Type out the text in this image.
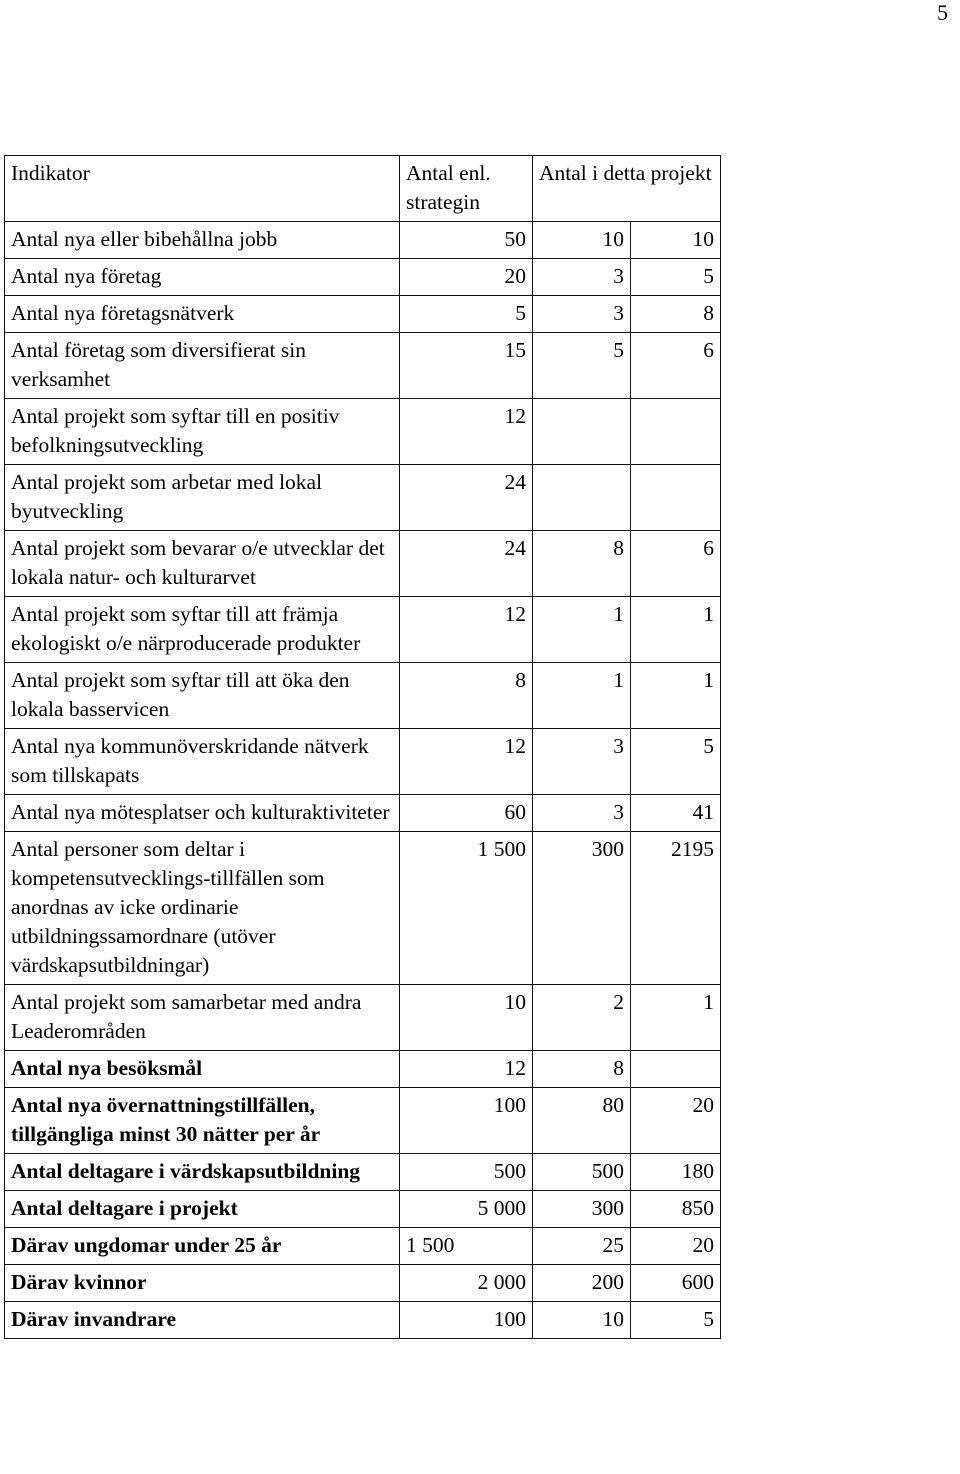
5
Indikator	Antal enl. strategin	Antal i detta projekt	
Antal nya eller bibehållna jobb	50	10	10
Antal nya företag	20	3	5
Antal nya företagsnätverk	5	3	8
Antal företag som diversifierat sin verksamhet	15	5	6
Antal projekt som syftar till en positiv befolkningsutveckling	12		
Antal projekt som arbetar med lokal byutveckling	24		
Antal projekt som bevarar o/e utvecklar det lokala natur- och kulturarvet	24	8	6
Antal projekt som syftar till att främja ekologiskt o/e närproducerade produkter	12	1	1
Antal projekt som syftar till att öka den lokala basservicen	8	1	1
Antal nya kommunöverskridande nätverk som tillskapats	12	3	5
Antal nya mötesplatser och kulturaktiviteter	60	3	41
Antal personer som deltar i kompetensutvecklings-tillfällen som anordnas av icke ordinarie utbildningssamordnare (utöver värdskapsutbildningar)	1 500	300	2195
Antal projekt som samarbetar med andra Leaderområden	10	2	1
Antal nya besöksmål	12	8	
Antal nya övernattningstillfällen, tillgängliga minst 30 nätter per år	100	80	20
Antal deltagare i värdskapsutbildning	500	500	180
Antal deltagare i projekt	5 000	300	850
Därav ungdomar under 25 år	1 500	25	20
Därav kvinnor	2 000	200	600
Därav invandrare	100	10	5
